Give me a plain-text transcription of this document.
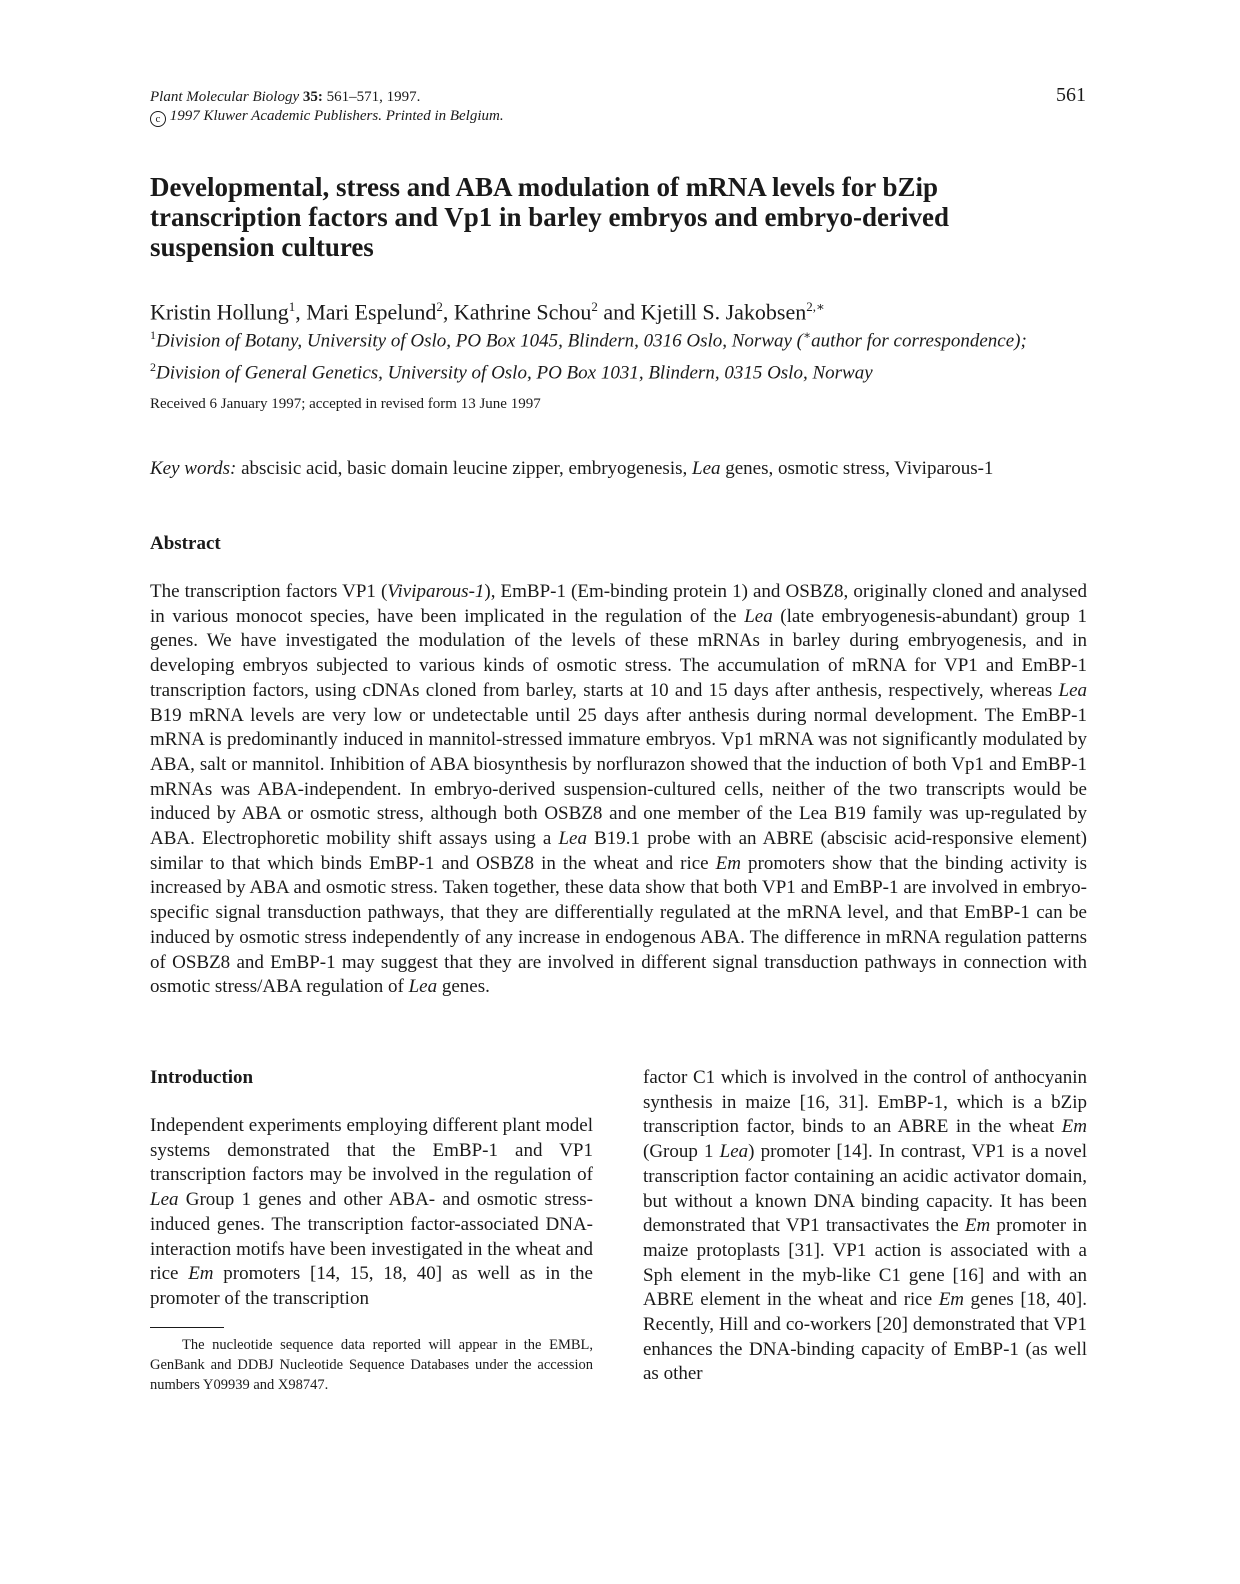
Plant Molecular Biology 35: 561–571, 1997.
c 1997 Kluwer Academic Publishers. Printed in Belgium.
561
Developmental, stress and ABA modulation of mRNA levels for bZip transcription factors and Vp1 in barley embryos and embryo-derived suspension cultures
Kristin Hollung$^1$, Mari Espelund$^2$, Kathrine Schou$^2$ and Kjetill S. Jakobsen$^{2,∗}$
$^1$Division of Botany, University of Oslo, PO Box 1045, Blindern, 0316 Oslo, Norway (∗author for correspondence); $^2$Division of General Genetics, University of Oslo, PO Box 1031, Blindern, 0315 Oslo, Norway
Received 6 January 1997; accepted in revised form 13 June 1997
Key words: abscisic acid, basic domain leucine zipper, embryogenesis, Lea genes, osmotic stress, Viviparous-1
Abstract

The transcription factors VP1 (Viviparous-1), EmBP-1 (Em-binding protein 1) and OSBZ8, originally cloned and analysed in various monocot species, have been implicated in the regulation of the Lea (late embryogenesis-abundant) group 1 genes. We have investigated the modulation of the levels of these mRNAs in barley during embryogenesis, and in developing embryos subjected to various kinds of osmotic stress. The accumulation of mRNA for VP1 and EmBP-1 transcription factors, using cDNAs cloned from barley, starts at 10 and 15 days after anthesis, respectively, whereas Lea B19 mRNA levels are very low or undetectable until 25 days after anthesis during normal development. The EmBP-1 mRNA is predominantly induced in mannitol-stressed immature embryos. Vp1 mRNA was not significantly modulated by ABA, salt or mannitol. Inhibition of ABA biosynthesis by norflurazon showed that the induction of both Vp1 and EmBP-1 mRNAs was ABA-independent. In embryo-derived suspension-cultured cells, neither of the two transcripts would be induced by ABA or osmotic stress, although both OSBZ8 and one member of the Lea B19 family was up-regulated by ABA. Electrophoretic mobility shift assays using a Lea B19.1 probe with an ABRE (abscisic acid-responsive element) similar to that which binds EmBP-1 and OSBZ8 in the wheat and rice Em promoters show that the binding activity is increased by ABA and osmotic stress. Taken together, these data show that both VP1 and EmBP-1 are involved in embryo-specific signal transduction pathways, that they are differentially regulated at the mRNA level, and that EmBP-1 can be induced by osmotic stress independently of any increase in endogenous ABA. The difference in mRNA regulation patterns of OSBZ8 and EmBP-1 may suggest that they are involved in different signal transduction pathways in connection with osmotic stress/ABA regulation of Lea genes.

Introduction

Independent experiments employing different plant model systems demonstrated that the EmBP-1 and VP1 transcription factors may be involved in the regulation of Lea Group 1 genes and other ABA- and osmotic stress-induced genes. The transcription factor-associated DNA-interaction motifs have been investigated in the wheat and rice Em promoters [14, 15, 18, 40] as well as in the promoter of the transcription

factor C1 which is involved in the control of anthocyanin synthesis in maize [16, 31]. EmBP-1, which is a bZip transcription factor, binds to an ABRE in the wheat Em (Group 1 Lea) promoter [14]. In contrast, VP1 is a novel transcription factor containing an acidic activator domain, but without a known DNA binding capacity. It has been demonstrated that VP1 transactivates the Em promoter in maize protoplasts [31]. VP1 action is associated with a Sph element in the myb-like C1 gene [16] and with an ABRE element in the wheat and rice Em genes [18, 40]. Recently, Hill and co-workers [20] demonstrated that VP1 enhances the DNA-binding capacity of EmBP-1 (as well as other

The nucleotide sequence data reported will appear in the EMBL, GenBank and DDBJ Nucleotide Sequence Databases under the accession numbers Y09939 and X98747.
